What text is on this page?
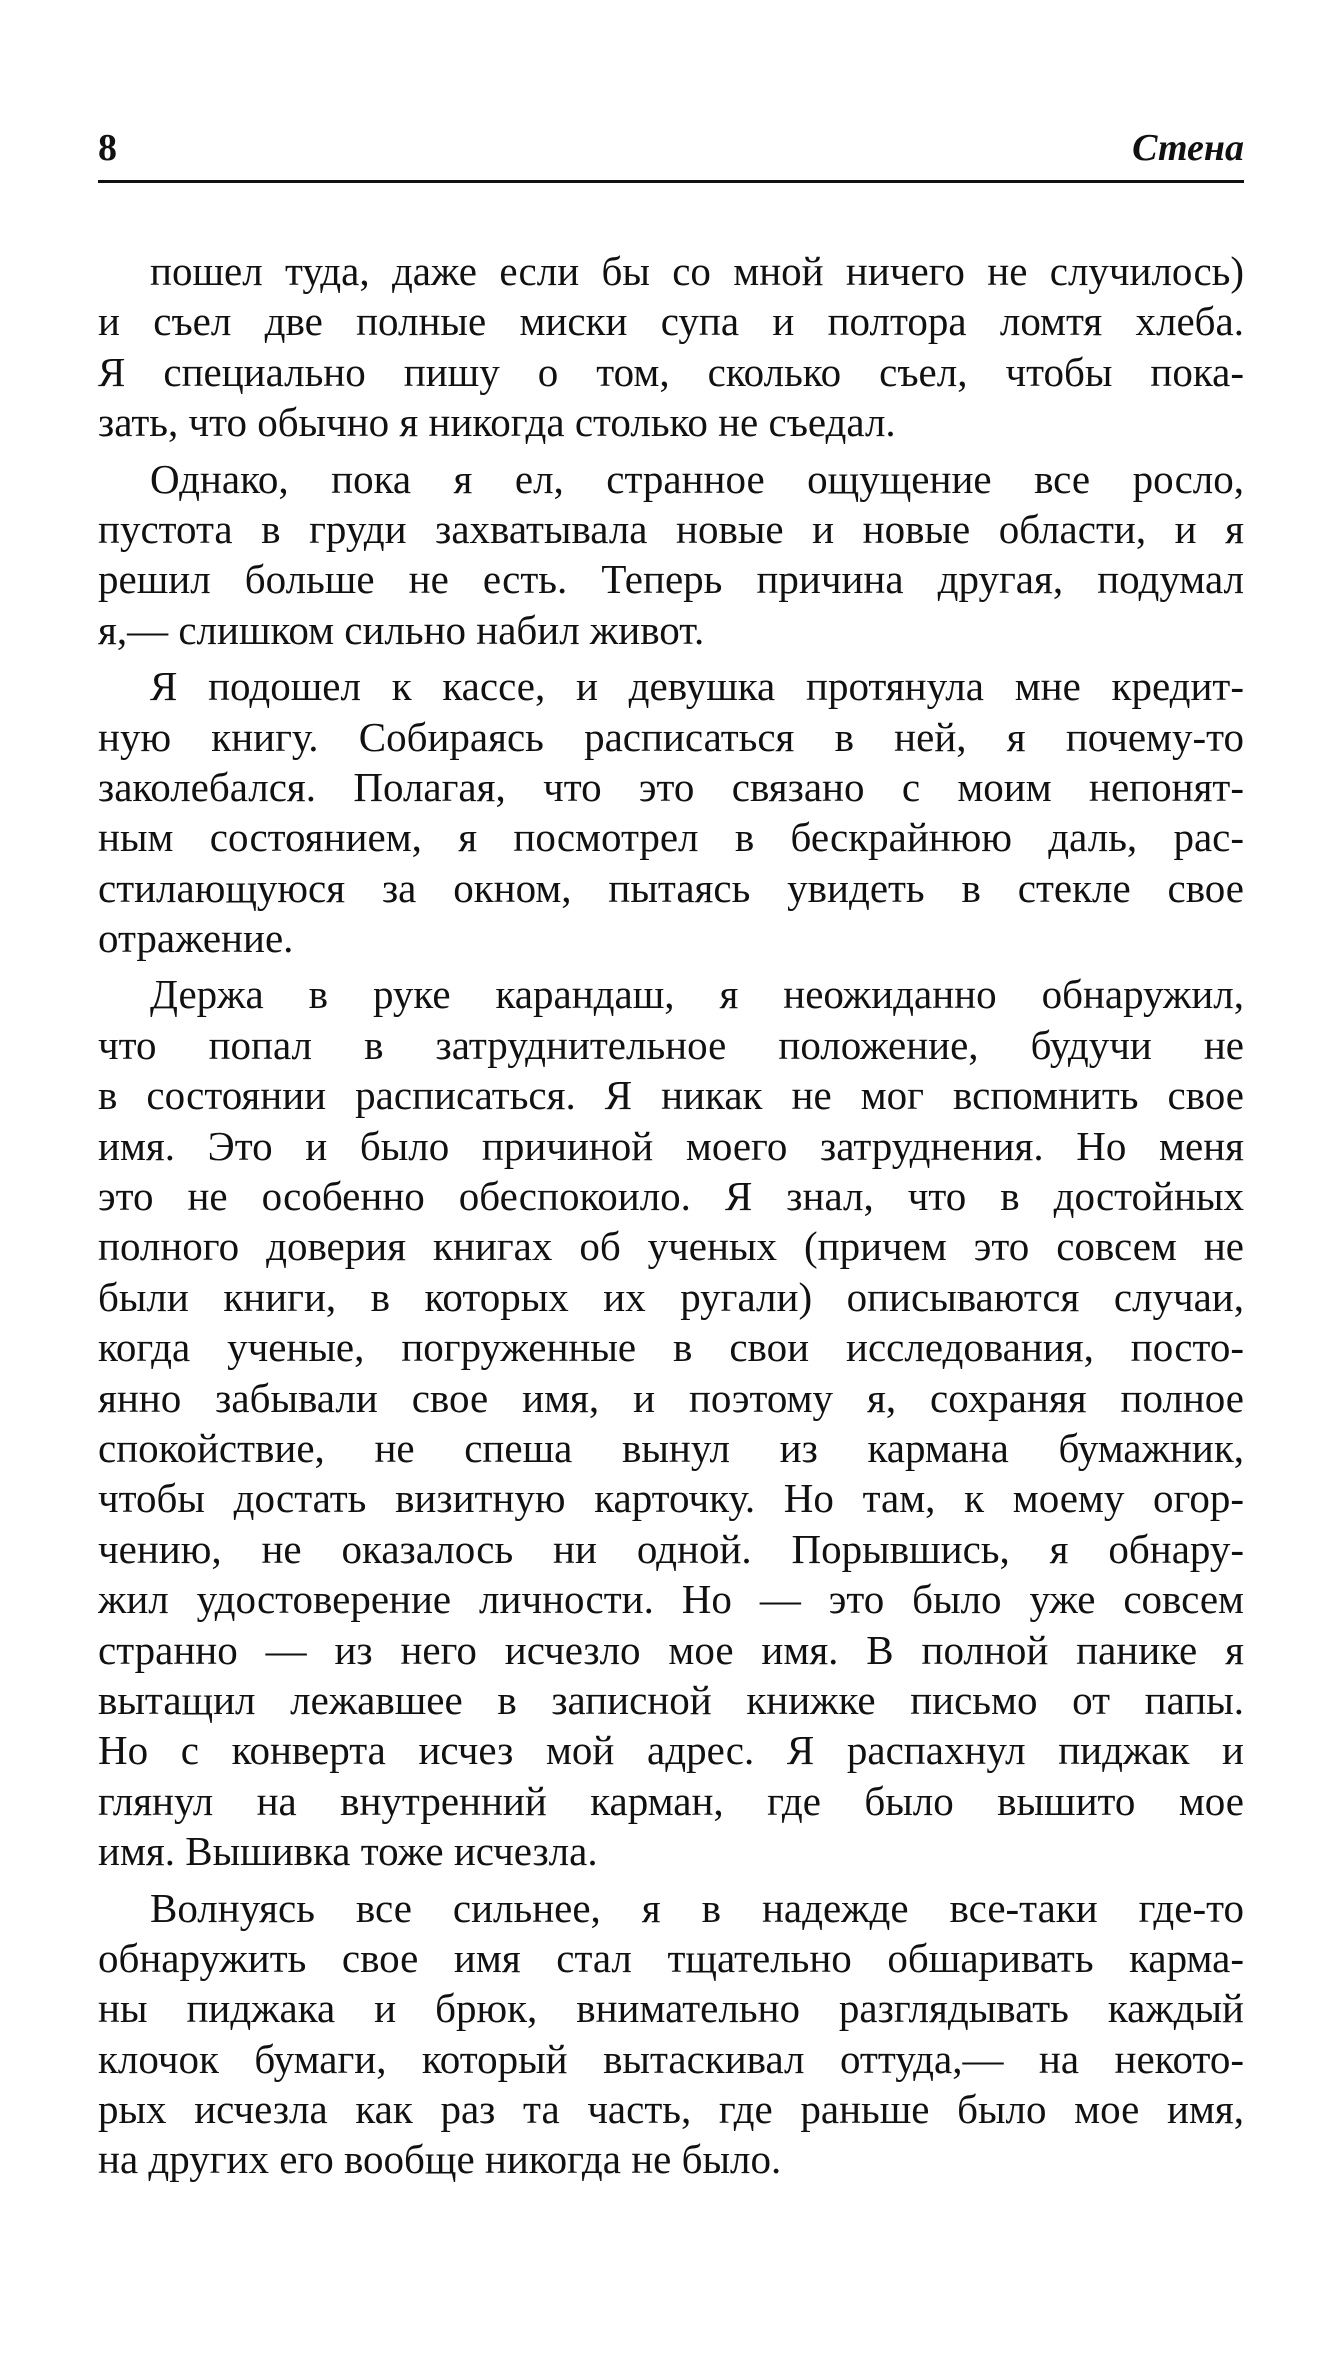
8	Стена
пошел туда, даже если бы со мной ничего не случилось)
и съел две полные миски супа и полтора ломтя хлеба.
Я специально пишу о том, сколько съел, чтобы пока-
зать, что обычно я никогда столько не съедал.
Однако, пока я ел, странное ощущение все росло,
пустота в груди захватывала новые и новые области, и я
решил больше не есть. Теперь причина другая, подумал
я,— слишком сильно набил живот.
Я подошел к кассе, и девушка протянула мне кредит-
ную книгу. Собираясь расписаться в ней, я почему-то
заколебался. Полагая, что это связано с моим непонят-
ным состоянием, я посмотрел в бескрайнюю даль, рас-
стилающуюся за окном, пытаясь увидеть в стекле свое
отражение.
Держа в руке карандаш, я неожиданно обнаружил,
что попал в затруднительное положение, будучи не
в состоянии расписаться. Я никак не мог вспомнить свое
имя. Это и было причиной моего затруднения. Но меня
это не особенно обеспокоило. Я знал, что в достойных
полного доверия книгах об ученых (причем это совсем не
были книги, в которых их ругали) описываются случаи,
когда ученые, погруженные в свои исследования, посто-
янно забывали свое имя, и поэтому я, сохраняя полное
спокойствие, не спеша вынул из кармана бумажник,
чтобы достать визитную карточку. Но там, к моему огор-
чению, не оказалось ни одной. Порывшись, я обнару-
жил удостоверение личности. Но — это было уже совсем
странно — из него исчезло мое имя. В полной панике я
вытащил лежавшее в записной книжке письмо от папы.
Но с конверта исчез мой адрес. Я распахнул пиджак и
глянул на внутренний карман, где было вышито мое
имя. Вышивка тоже исчезла.
Волнуясь все сильнее, я в надежде все-таки где-то
обнаружить свое имя стал тщательно обшаривать карма-
ны пиджака и брюк, внимательно разглядывать каждый
клочок бумаги, который вытаскивал оттуда,— на некото-
рых исчезла как раз та часть, где раньше было мое имя,
на других его вообще никогда не было.
